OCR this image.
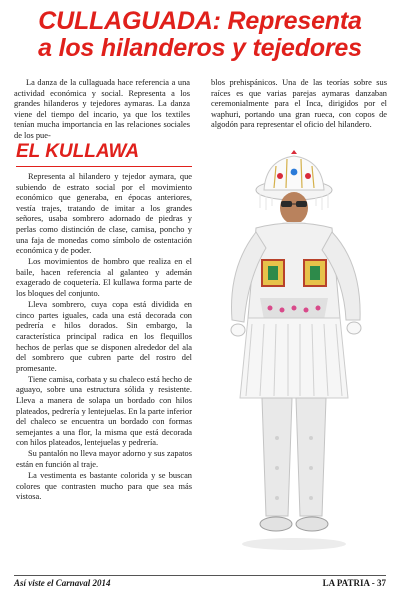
CULLAGUADA: Representa
a los hilanderos y tejedores

La danza de la cullaguada hace referencia a una actividad económica y social. Representa a los grandes hilanderos y tejedores aymaras. La danza viene del tiempo del incario, ya que los textiles tenían mucha importancia en las relaciones sociales de los pue-

blos prehispánicos. Una de las teorías sobre sus raíces es que varias parejas aymaras danzaban ceremonialmente para el Inca, dirigidos por el waphuri, portando una gran rueca, con copos de algodón para representar el oficio del hilandero.

EL KULLAWA

Representa al hilandero y tejedor aymara, que subiendo de estrato social por el movimiento económico que generaba, en épocas anteriores, vestía trajes, tratando de imitar a los grandes señores, usaba sombrero adornado de piedras y perlas como distinción de clase, camisa, poncho y una faja de monedas como símbolo de ostentación económica y de poder.

Los movimientos de hombro que realiza en el baile, hacen referencia al galanteo y ademán exagerado de coquetería. El kullawa forma parte de los bloques del conjunto.

Lleva sombrero, cuya copa está dividida en cinco partes iguales, cada una está decorada con pedrería e hilos dorados. Sin embargo, la característica principal radica en los flequillos hechos de perlas que se disponen alrededor del ala del sombrero que cubren parte del rostro del promesante.

Tiene camisa, corbata y su chaleco está hecho de aguayo, sobre una estructura sólida y resistente. Lleva a manera de solapa un bordado con hilos plateados, pedrería y lentejuelas. En la parte inferior del chaleco se encuentra un bordado con formas semejantes a una flor, la misma que está decorada con hilos plateados, lentejuelas y pedrería.

Su pantalón no lleva mayor adorno y sus zapatos están en función al traje.

La vestimenta es bastante colorida y se buscan colores que contrasten mucho para que sea más vistosa.

Así viste el Carnaval 2014	LA PATRIA - 37
